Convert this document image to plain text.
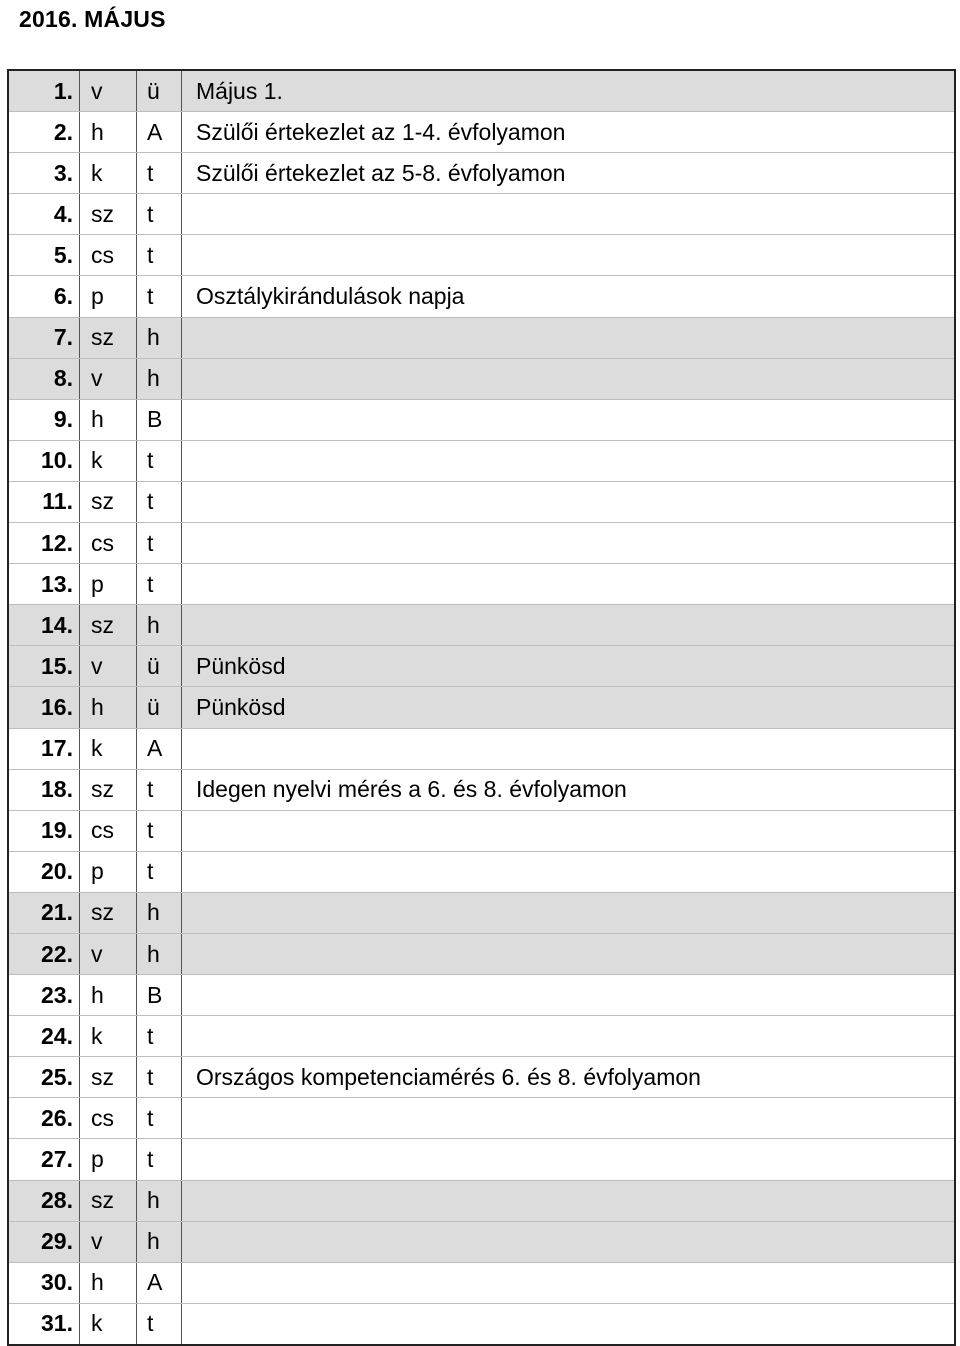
2016. MÁJUS
1.	v	ü	Május 1.
2.	h	A	Szülői értekezlet az 1-4. évfolyamon
3.	k	t	Szülői értekezlet az 5-8. évfolyamon
4.	sz	t	
5.	cs	t	
6.	p	t	Osztálykirándulások napja
7.	sz	h	
8.	v	h	
9.	h	B	
10.	k	t	
11.	sz	t	
12.	cs	t	
13.	p	t	
14.	sz	h	
15.	v	ü	Pünkösd
16.	h	ü	Pünkösd
17.	k	A	
18.	sz	t	Idegen nyelvi mérés a 6. és 8. évfolyamon
19.	cs	t	
20.	p	t	
21.	sz	h	
22.	v	h	
23.	h	B	
24.	k	t	
25.	sz	t	Országos kompetenciamérés 6. és 8. évfolyamon
26.	cs	t	
27.	p	t	
28.	sz	h	
29.	v	h	
30.	h	A	
31.	k	t	
